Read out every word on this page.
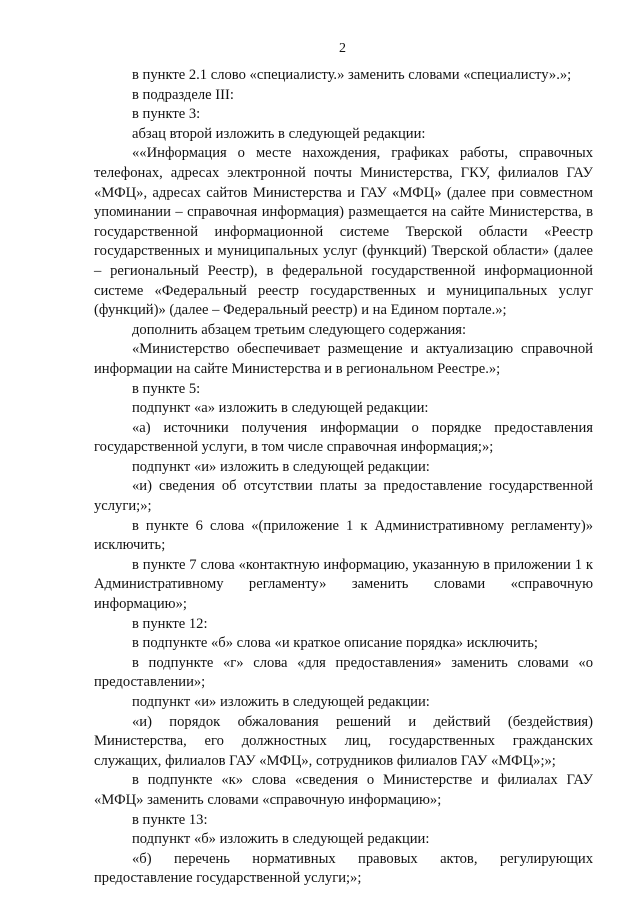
2

в пункте 2.1 слово «специалисту.» заменить словами «специалисту».»;

в подразделе III:

в пункте 3:

абзац второй изложить в следующей редакции:

««Информация о месте нахождения, графиках работы, справочных телефонах, адресах электронной почты Министерства, ГКУ, филиалов ГАУ «МФЦ», адресах сайтов Министерства и ГАУ «МФЦ» (далее при совместном упоминании – справочная информация) размещается на сайте Министерства, в государственной информационной системе Тверской области «Реестр государственных и муниципальных услуг (функций) Тверской области» (далее – региональный Реестр), в федеральной государственной информационной системе «Федеральный реестр государственных и муниципальных услуг (функций)» (далее – Федеральный реестр) и на Едином портале.»;

дополнить абзацем третьим следующего содержания:

«Министерство обеспечивает размещение и актуализацию справочной информации на сайте Министерства и в региональном Реестре.»;

в пункте 5:

подпункт «а» изложить в следующей редакции:

«а) источники получения информации о порядке предоставления государственной услуги, в том числе справочная информация;»;

подпункт «и» изложить в следующей редакции:

«и) сведения об отсутствии платы за предоставление государственной услуги;»;

в пункте 6 слова «(приложение 1 к Административному регламенту)» исключить;

в пункте 7 слова «контактную информацию, указанную в приложении 1 к Административному регламенту» заменить словами «справочную информацию»;

в пункте 12:

в подпункте «б» слова «и краткое описание порядка» исключить;

в подпункте «г» слова «для предоставления» заменить словами «о предоставлении»;

подпункт «и» изложить в следующей редакции:

«и) порядок обжалования решений и действий (бездействия) Министерства, его должностных лиц, государственных гражданских служащих, филиалов ГАУ «МФЦ», сотрудников филиалов ГАУ «МФЦ»;»;

в подпункте «к» слова «сведения о Министерстве и филиалах ГАУ «МФЦ» заменить словами «справочную информацию»;

в пункте 13:

подпункт «б» изложить в следующей редакции:

«б) перечень нормативных правовых актов, регулирующих предоставление государственной услуги;»;
